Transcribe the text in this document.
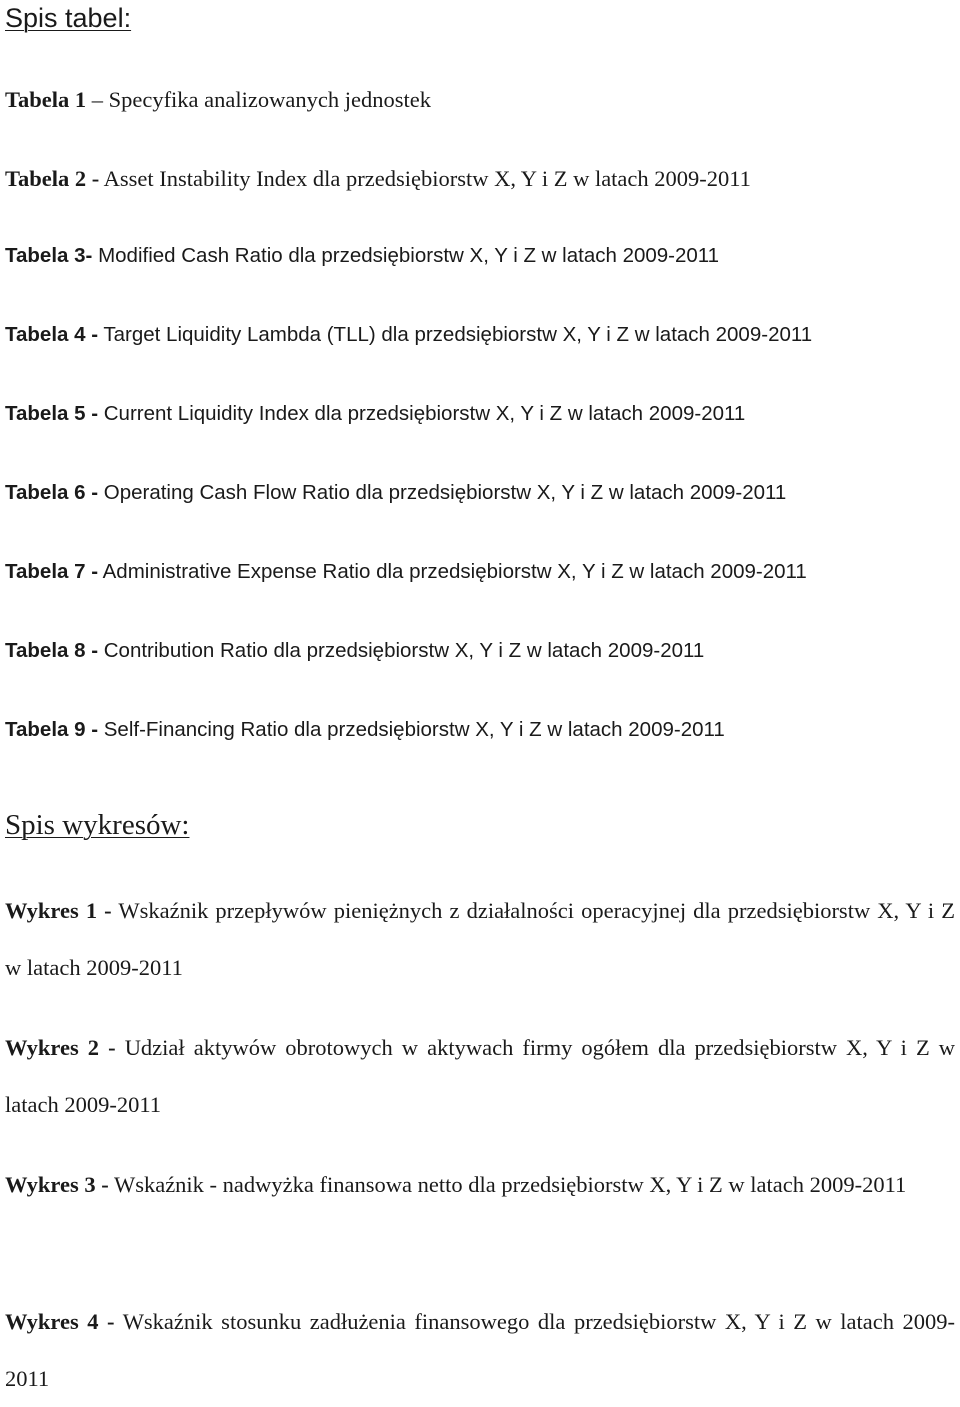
Spis tabel:
Tabela 1 – Specyfika analizowanych jednostek
Tabela 2 - Asset Instability Index dla przedsiębiorstw X, Y i Z w latach 2009-2011
Tabela 3- Modified Cash Ratio dla przedsiębiorstw X, Y i Z w latach 2009-2011
Tabela 4 - Target Liquidity Lambda (TLL) dla przedsiębiorstw X, Y i Z w latach 2009-2011
Tabela 5 - Current Liquidity Index dla przedsiębiorstw X, Y i Z w latach 2009-2011
Tabela 6 - Operating Cash Flow Ratio dla przedsiębiorstw X, Y i Z w latach 2009-2011
Tabela 7 - Administrative Expense Ratio dla przedsiębiorstw X, Y i Z w latach 2009-2011
Tabela 8 - Contribution Ratio dla przedsiębiorstw X, Y i Z w latach 2009-2011
Tabela 9 - Self-Financing Ratio dla przedsiębiorstw X, Y i Z w latach 2009-2011
Spis wykresów:
Wykres 1 - Wskaźnik przepływów pieniężnych z działalności operacyjnej dla przedsiębiorstw X, Y i Z w latach 2009-2011
Wykres 2 - Udział aktywów obrotowych w aktywach firmy ogółem dla przedsiębiorstw X, Y i Z w latach 2009-2011
Wykres 3 - Wskaźnik - nadwyżka finansowa netto dla przedsiębiorstw X, Y i Z w latach 2009-2011
Wykres 4 - Wskaźnik stosunku zadłużenia finansowego dla przedsiębiorstw X, Y i Z w latach 2009-2011
